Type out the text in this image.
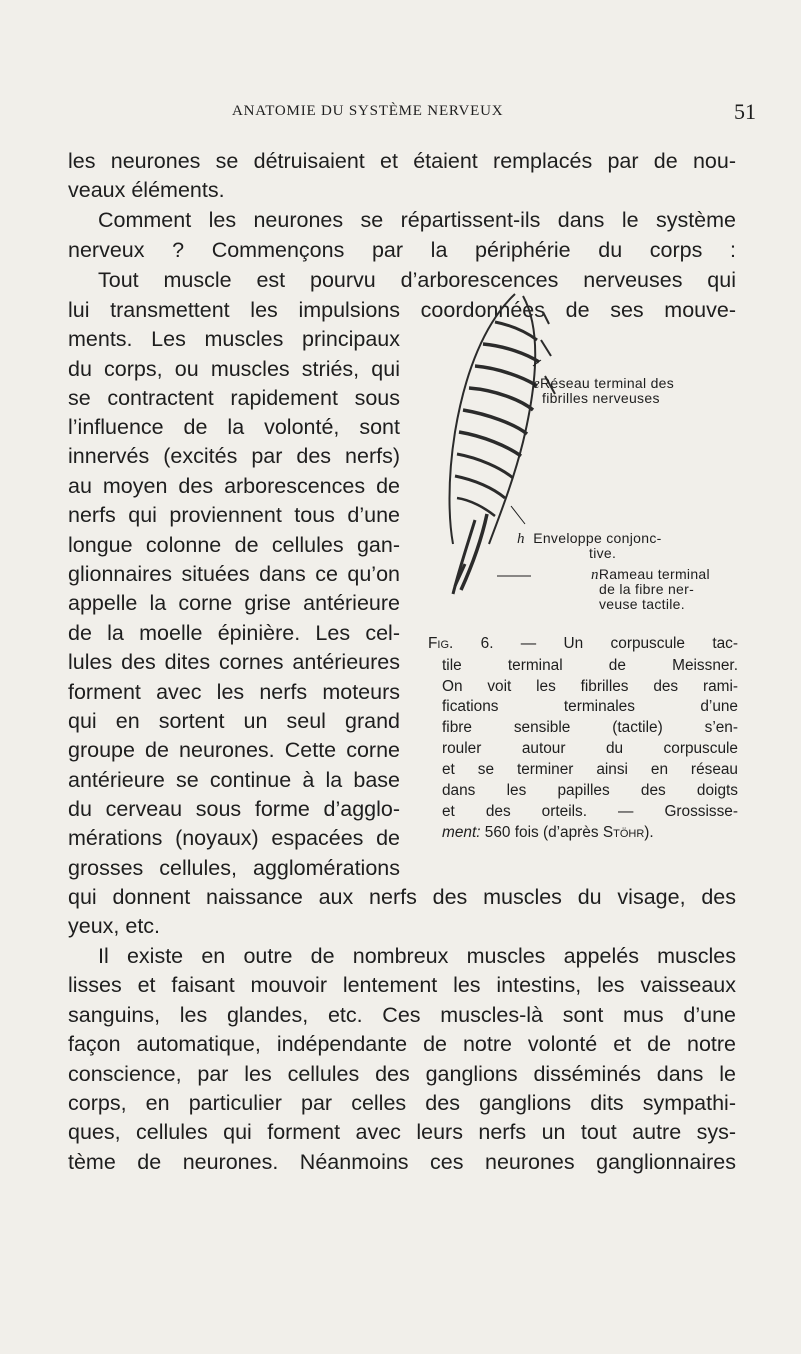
ANATOMIE DU SYSTÈME NERVEUX	51
les neurones se détruisaient et étaient remplacés par de nou-
veaux éléments.
Comment les neurones se répartissent-ils dans le système
nerveux ? Commençons par la périphérie du corps :
Tout muscle est pourvu d’arborescences nerveuses qui
lui transmettent les impulsions coordonnées de ses mouve-
ments. Les muscles principaux
du corps, ou muscles striés, qui
se contractent rapidement sous
l’influence de la volonté, sont
innervés (excités par des nerfs)
au moyen des arborescences de
nerfs qui proviennent tous d’une
longue colonne de cellules gan-
glionnaires situées dans ce qu’on
appelle la corne grise antérieure
de la moelle épinière. Les cel-
lules des dites cornes antérieures
forment avec les nerfs moteurs
qui en sortent un seul grand
groupe de neurones. Cette corne
antérieure se continue à la base
du cerveau sous forme d’agglo-
mérations (noyaux) espacées de
grosses cellules, agglomérations
eRéseau terminal des
fibrilles nerveuses
h Enveloppe conjonc-
tive.
nRameau terminal
de la fibre ner-
veuse tactile.
Fig. 6. — Un corpuscule tac-
tile terminal de Meissner.
On voit les fibrilles des rami-
fications terminales d’une
fibre sensible (tactile) s’en-
rouler autour du corpuscule
et se terminer ainsi en réseau
dans les papilles des doigts
et des orteils. — Grossisse-
ment: 560 fois (d’après Stöhr).
qui donnent naissance aux nerfs des muscles du visage, des
yeux, etc.
Il existe en outre de nombreux muscles appelés muscles
lisses et faisant mouvoir lentement les intestins, les vaisseaux
sanguins, les glandes, etc. Ces muscles-là sont mus d’une
façon automatique, indépendante de notre volonté et de notre
conscience, par les cellules des ganglions disséminés dans le
corps, en particulier par celles des ganglions dits sympathi-
ques, cellules qui forment avec leurs nerfs un tout autre sys-
tème de neurones. Néanmoins ces neurones ganglionnaires
